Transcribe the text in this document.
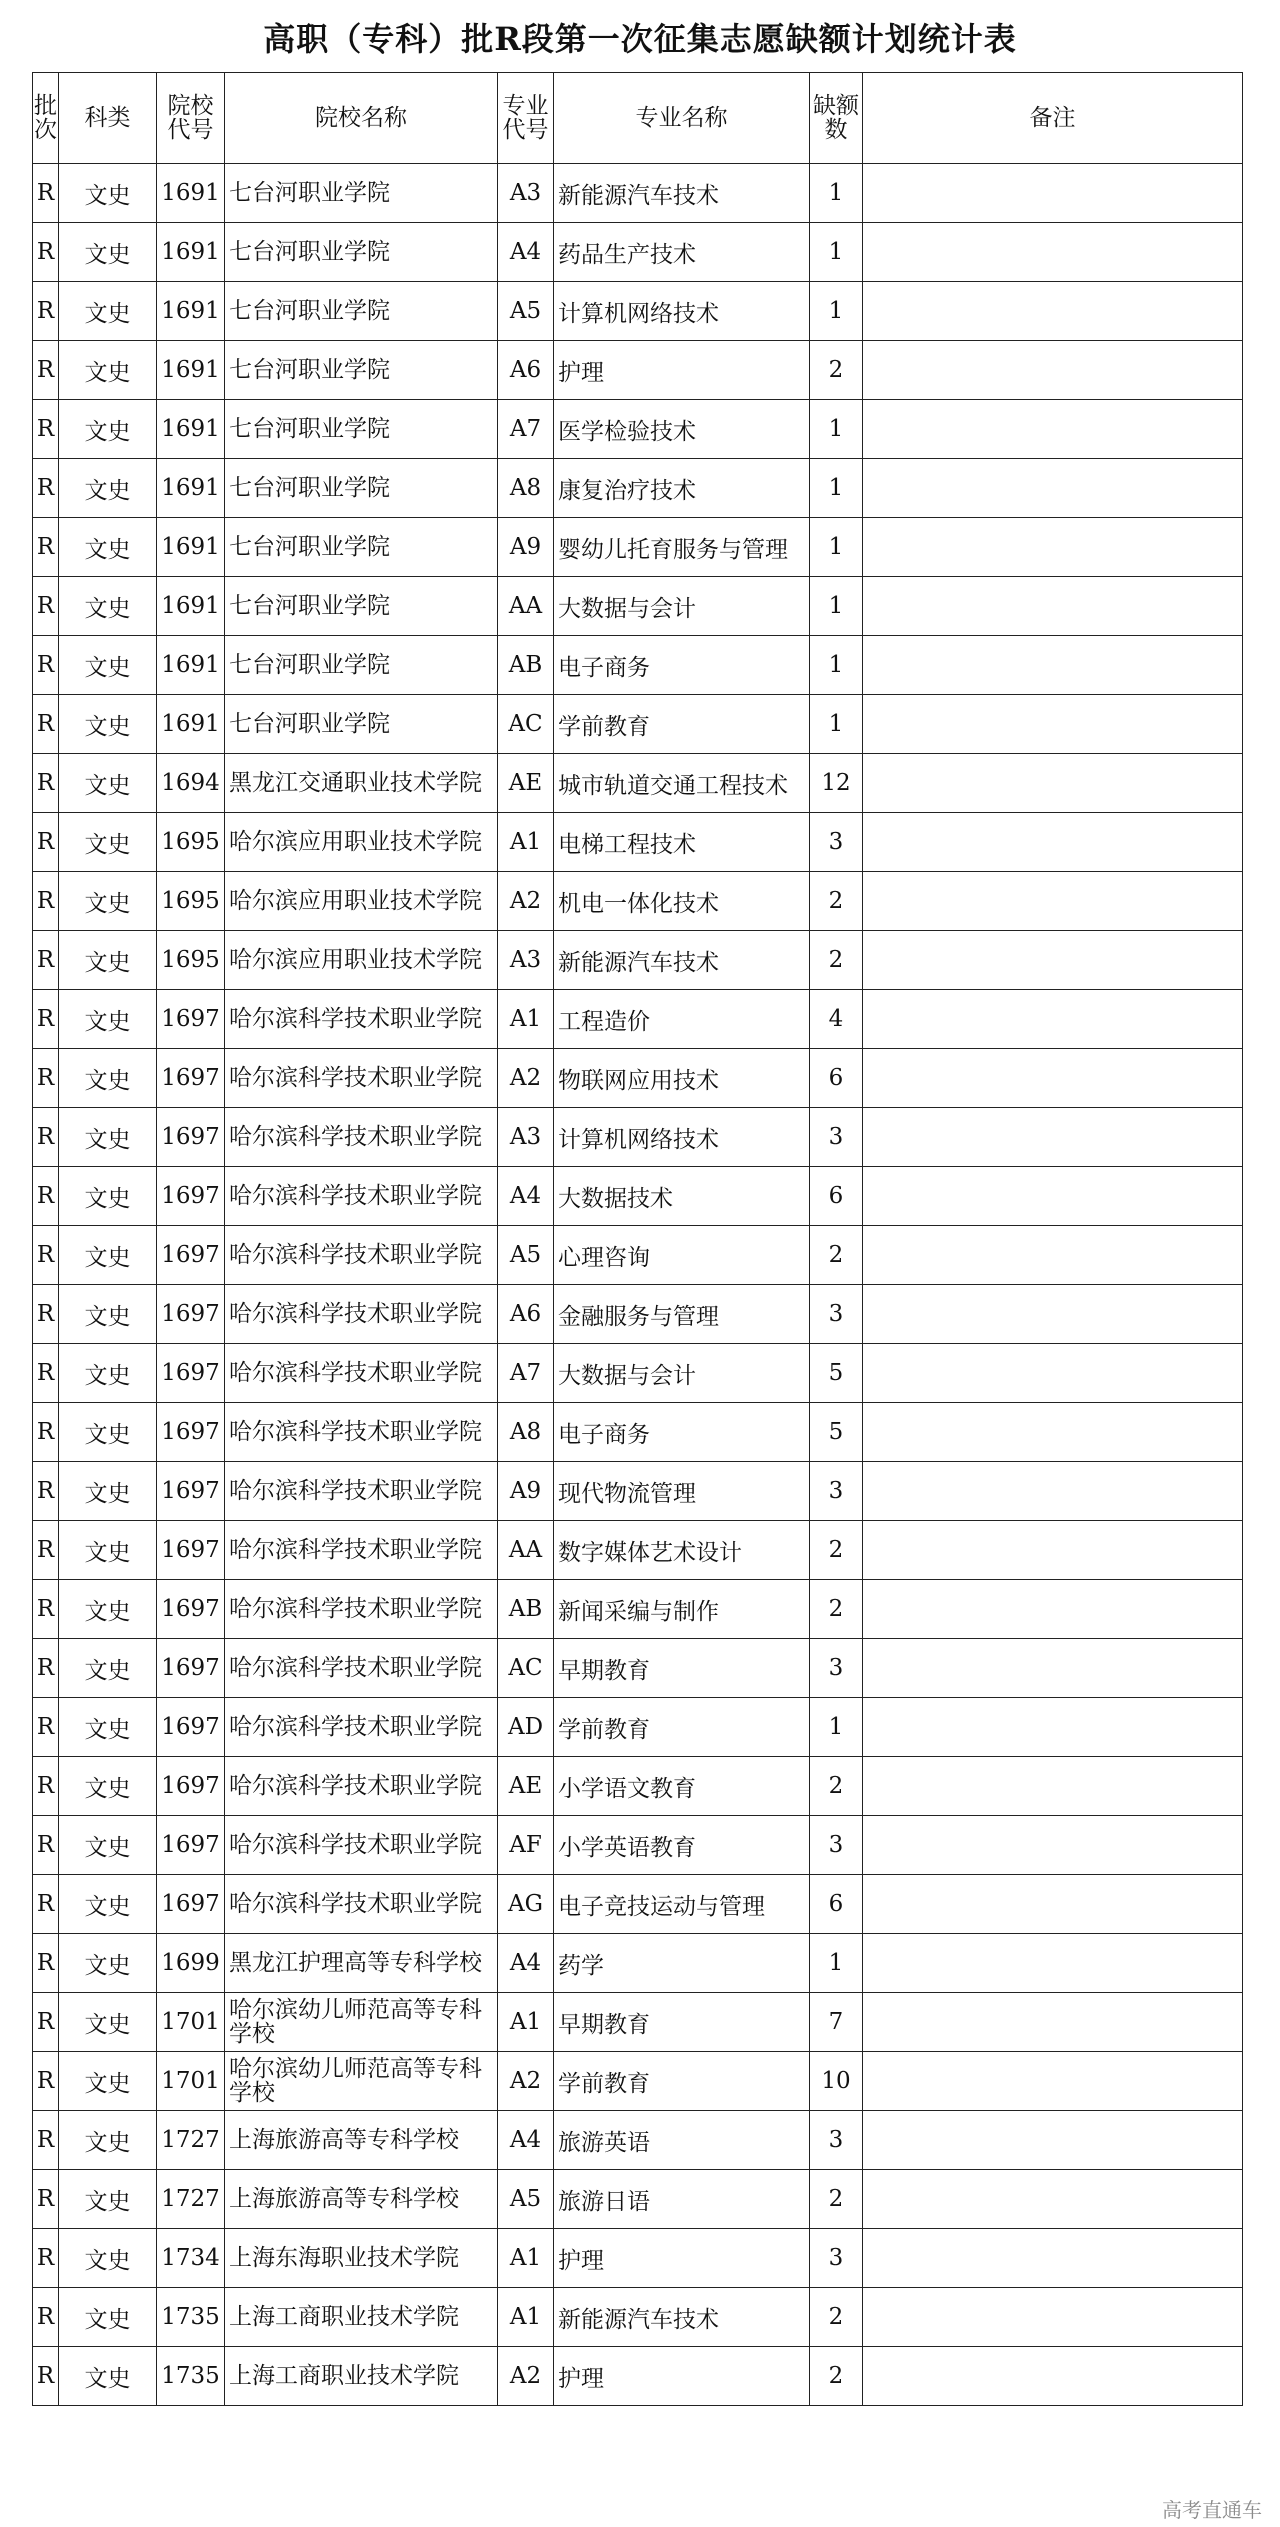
高职（专科）批R段第一次征集志愿缺额计划统计表
批次	科类	院校代号	院校名称	专业代号	专业名称	缺额数	备注
R	文史	1691	七台河职业学院	A3	新能源汽车技术	1	
R	文史	1691	七台河职业学院	A4	药品生产技术	1	
R	文史	1691	七台河职业学院	A5	计算机网络技术	1	
R	文史	1691	七台河职业学院	A6	护理	2	
R	文史	1691	七台河职业学院	A7	医学检验技术	1	
R	文史	1691	七台河职业学院	A8	康复治疗技术	1	
R	文史	1691	七台河职业学院	A9	婴幼儿托育服务与管理	1	
R	文史	1691	七台河职业学院	AA	大数据与会计	1	
R	文史	1691	七台河职业学院	AB	电子商务	1	
R	文史	1691	七台河职业学院	AC	学前教育	1	
R	文史	1694	黑龙江交通职业技术学院	AE	城市轨道交通工程技术	12	
R	文史	1695	哈尔滨应用职业技术学院	A1	电梯工程技术	3	
R	文史	1695	哈尔滨应用职业技术学院	A2	机电一体化技术	2	
R	文史	1695	哈尔滨应用职业技术学院	A3	新能源汽车技术	2	
R	文史	1697	哈尔滨科学技术职业学院	A1	工程造价	4	
R	文史	1697	哈尔滨科学技术职业学院	A2	物联网应用技术	6	
R	文史	1697	哈尔滨科学技术职业学院	A3	计算机网络技术	3	
R	文史	1697	哈尔滨科学技术职业学院	A4	大数据技术	6	
R	文史	1697	哈尔滨科学技术职业学院	A5	心理咨询	2	
R	文史	1697	哈尔滨科学技术职业学院	A6	金融服务与管理	3	
R	文史	1697	哈尔滨科学技术职业学院	A7	大数据与会计	5	
R	文史	1697	哈尔滨科学技术职业学院	A8	电子商务	5	
R	文史	1697	哈尔滨科学技术职业学院	A9	现代物流管理	3	
R	文史	1697	哈尔滨科学技术职业学院	AA	数字媒体艺术设计	2	
R	文史	1697	哈尔滨科学技术职业学院	AB	新闻采编与制作	2	
R	文史	1697	哈尔滨科学技术职业学院	AC	早期教育	3	
R	文史	1697	哈尔滨科学技术职业学院	AD	学前教育	1	
R	文史	1697	哈尔滨科学技术职业学院	AE	小学语文教育	2	
R	文史	1697	哈尔滨科学技术职业学院	AF	小学英语教育	3	
R	文史	1697	哈尔滨科学技术职业学院	AG	电子竞技运动与管理	6	
R	文史	1699	黑龙江护理高等专科学校	A4	药学	1	
R	文史	1701	哈尔滨幼儿师范高等专科学校	A1	早期教育	7	
R	文史	1701	哈尔滨幼儿师范高等专科学校	A2	学前教育	10	
R	文史	1727	上海旅游高等专科学校	A4	旅游英语	3	
R	文史	1727	上海旅游高等专科学校	A5	旅游日语	2	
R	文史	1734	上海东海职业技术学院	A1	护理	3	
R	文史	1735	上海工商职业技术学院	A1	新能源汽车技术	2	
R	文史	1735	上海工商职业技术学院	A2	护理	2	
高考直通车
